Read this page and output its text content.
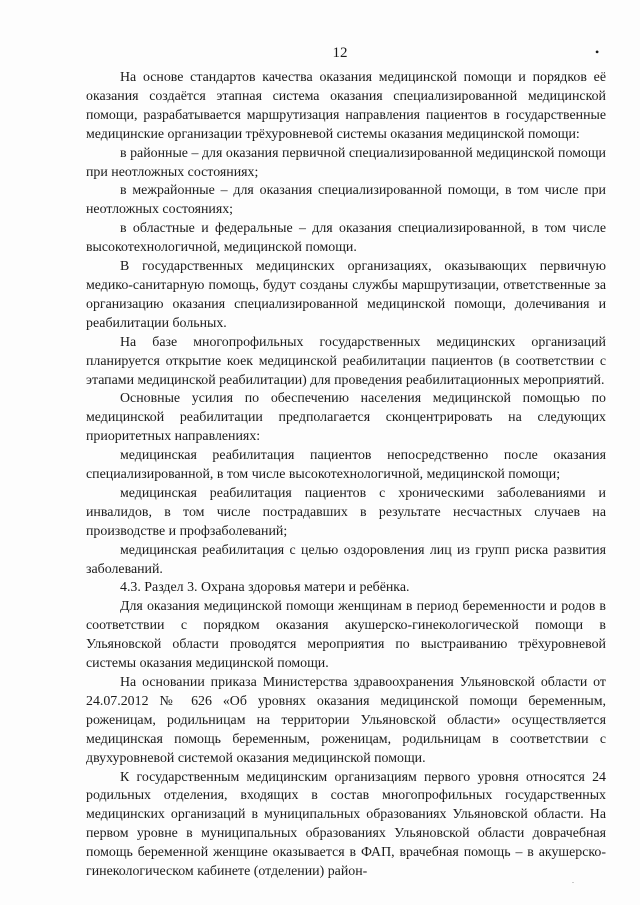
12	•

На основе стандартов качества оказания медицинской помощи и порядков её оказания создаётся этапная система оказания специализированной медицинской помощи, разрабатывается маршрутизация направления пациентов в государственные медицинские организации трёхуровневой системы оказания медицинской помощи:

в районные – для оказания первичной специализированной медицинской помощи при неотложных состояниях;

в межрайонные – для оказания специализированной помощи, в том числе при неотложных состояниях;

в областные и федеральные – для оказания специализированной, в том числе высокотехнологичной, медицинской помощи.

В государственных медицинских организациях, оказывающих первичную медико-санитарную помощь, будут созданы службы маршрутизации, ответственные за организацию оказания специализированной медицинской помощи, долечивания и реабилитации больных.

На базе многопрофильных государственных медицинских организаций планируется открытие коек медицинской реабилитации пациентов (в соответствии с этапами медицинской реабилитации) для проведения реабилитационных мероприятий.

Основные усилия по обеспечению населения медицинской помощью по медицинской реабилитации предполагается сконцентрировать на следующих приоритетных направлениях:

медицинская реабилитация пациентов непосредственно после оказания специализированной, в том числе высокотехнологичной, медицинской помощи;

медицинская реабилитация пациентов с хроническими заболеваниями и инвалидов, в том числе пострадавших в результате несчастных случаев на производстве и профзаболеваний;

медицинская реабилитация с целью оздоровления лиц из групп риска развития заболеваний.

4.3. Раздел 3. Охрана здоровья матери и ребёнка.

Для оказания медицинской помощи женщинам в период беременности и родов в соответствии с порядком оказания акушерско-гинекологической помощи в Ульяновской области проводятся мероприятия по выстраиванию трёхуровневой системы оказания медицинской помощи.

На основании приказа Министерства здравоохранения Ульяновской области от 24.07.2012 № 626 «Об уровнях оказания медицинской помощи беременным, роженицам, родильницам на территории Ульяновской области» осуществляется медицинская помощь беременным, роженицам, родильницам в соответствии с двухуровневой системой оказания медицинской помощи.

К государственным медицинским организациям первого уровня относятся 24 родильных отделения, входящих в состав многопрофильных государственных медицинских организаций в муниципальных образованиях Ульяновской области. На первом уровне в муниципальных образованиях Ульяновской области доврачебная помощь беременной женщине оказывается в ФАП, врачебная помощь – в акушерско-гинекологическом кабинете (отделении) район-

.
